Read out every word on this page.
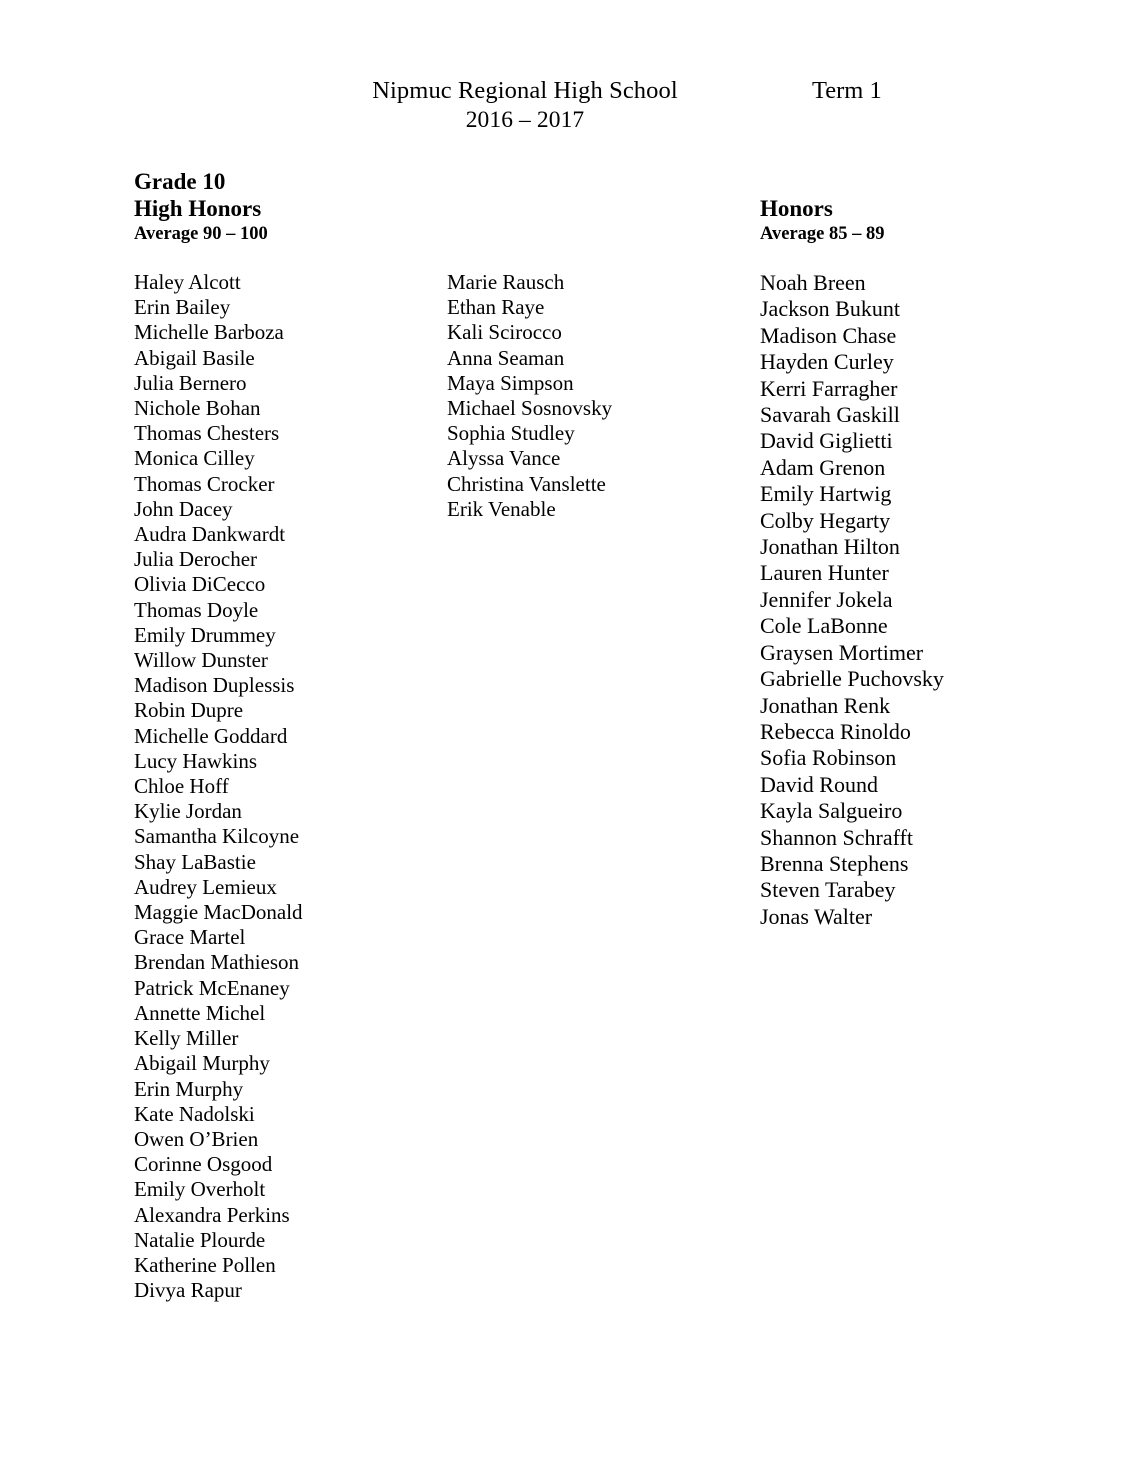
Nipmuc Regional High School
2016 – 2017
Term 1
Grade 10
High Honors
Average 90 – 100
Honors
Average 85 – 89
Haley Alcott
Erin Bailey
Michelle Barboza
Abigail Basile
Julia Bernero
Nichole Bohan
Thomas Chesters
Monica Cilley
Thomas Crocker
John Dacey
Audra Dankwardt
Julia Derocher
Olivia DiCecco
Thomas Doyle
Emily Drummey
Willow Dunster
Madison Duplessis
Robin Dupre
Michelle Goddard
Lucy Hawkins
Chloe Hoff
Kylie Jordan
Samantha Kilcoyne
Shay LaBastie
Audrey Lemieux
Maggie MacDonald
Grace Martel
Brendan Mathieson
Patrick McEnaney
Annette Michel
Kelly Miller
Abigail Murphy
Erin Murphy
Kate Nadolski
Owen O’Brien
Corinne Osgood
Emily Overholt
Alexandra Perkins
Natalie Plourde
Katherine Pollen
Divya Rapur
Marie Rausch
Ethan Raye
Kali Scirocco
Anna Seaman
Maya Simpson
Michael Sosnovsky
Sophia Studley
Alyssa Vance
Christina Vanslette
Erik Venable
Noah Breen
Jackson Bukunt
Madison Chase
Hayden Curley
Kerri Farragher
Savarah Gaskill
David Giglietti
Adam Grenon
Emily Hartwig
Colby Hegarty
Jonathan Hilton
Lauren Hunter
Jennifer Jokela
Cole LaBonne
Graysen Mortimer
Gabrielle Puchovsky
Jonathan Renk
Rebecca Rinoldo
Sofia Robinson
David Round
Kayla Salgueiro
Shannon Schrafft
Brenna Stephens
Steven Tarabey
Jonas Walter
